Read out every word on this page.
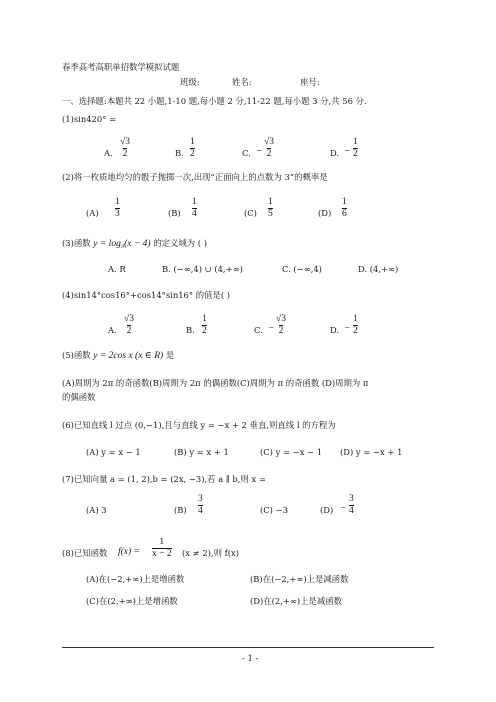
春季高考高职单招数学模拟试题
班级:	姓名:	座号:
一、选择题:本题共 22 小题,1-10 题,每小题 2 分,11-22 题,每小题 3 分,共 56 分.
(1)sin420° =
A. $\frac{√3}{2}$	B. $\frac{1}{2}$	C. − $\frac{√3}{2}$	D. − $\frac{1}{2}$
(2)将一枚质地均匀的骰子抛掷一次,出现“正面向上的点数为 3”的概率是
$(A) \frac{1}{3}$	$(B) \frac{1}{4}$	$(C) \frac{1}{5}$	$(D) \frac{1}{6}$
(3)函数 y = log₃(x − 4) 的定义域为 ( )
A. R	B. (−∞,4) ∪ (4,+∞)	C. (−∞,4)	D. (4,+∞)
(4)sin14°cos16°+cos14°sin16° 的值是( )
A. $\frac{√3}{2}$	B. $\frac{1}{2}$	C. − $\frac{√3}{2}$	D. − $\frac{1}{2}$
(5)函数 y = 2cos x (x ∈ R) 是
(A)周期为 2π 的奇函数(B)周期为 2π 的偶函数(C)周期为 π 的奇函数 (D)周期为 π
的偶函数
(6)已知直线 l 过点 (0,−1),且与直线 y = −x + 2 垂直,则直线 l 的方程为
(A) y = x − 1	(B) y = x + 1	(C) y = −x − 1 (D) y = −x + 1
(7)已知向量 a = (1, 2),b = (2x, −3),若 a ∥ b,则 x =
(A) 3	$(B) \frac{3}{4}$	(C) −3	$(D) - \frac{3}{4}$
(8)已知函数 $f(x) = \frac{1}{x - 2} (x \ne 2)$,则 f(x)
(A)在(−2,+∞)上是增函数	(B)在(−2,+∞)上是减函数
(C)在(2,+∞)上是增函数	(D)在(2,+∞)上是减函数
- 1 -
